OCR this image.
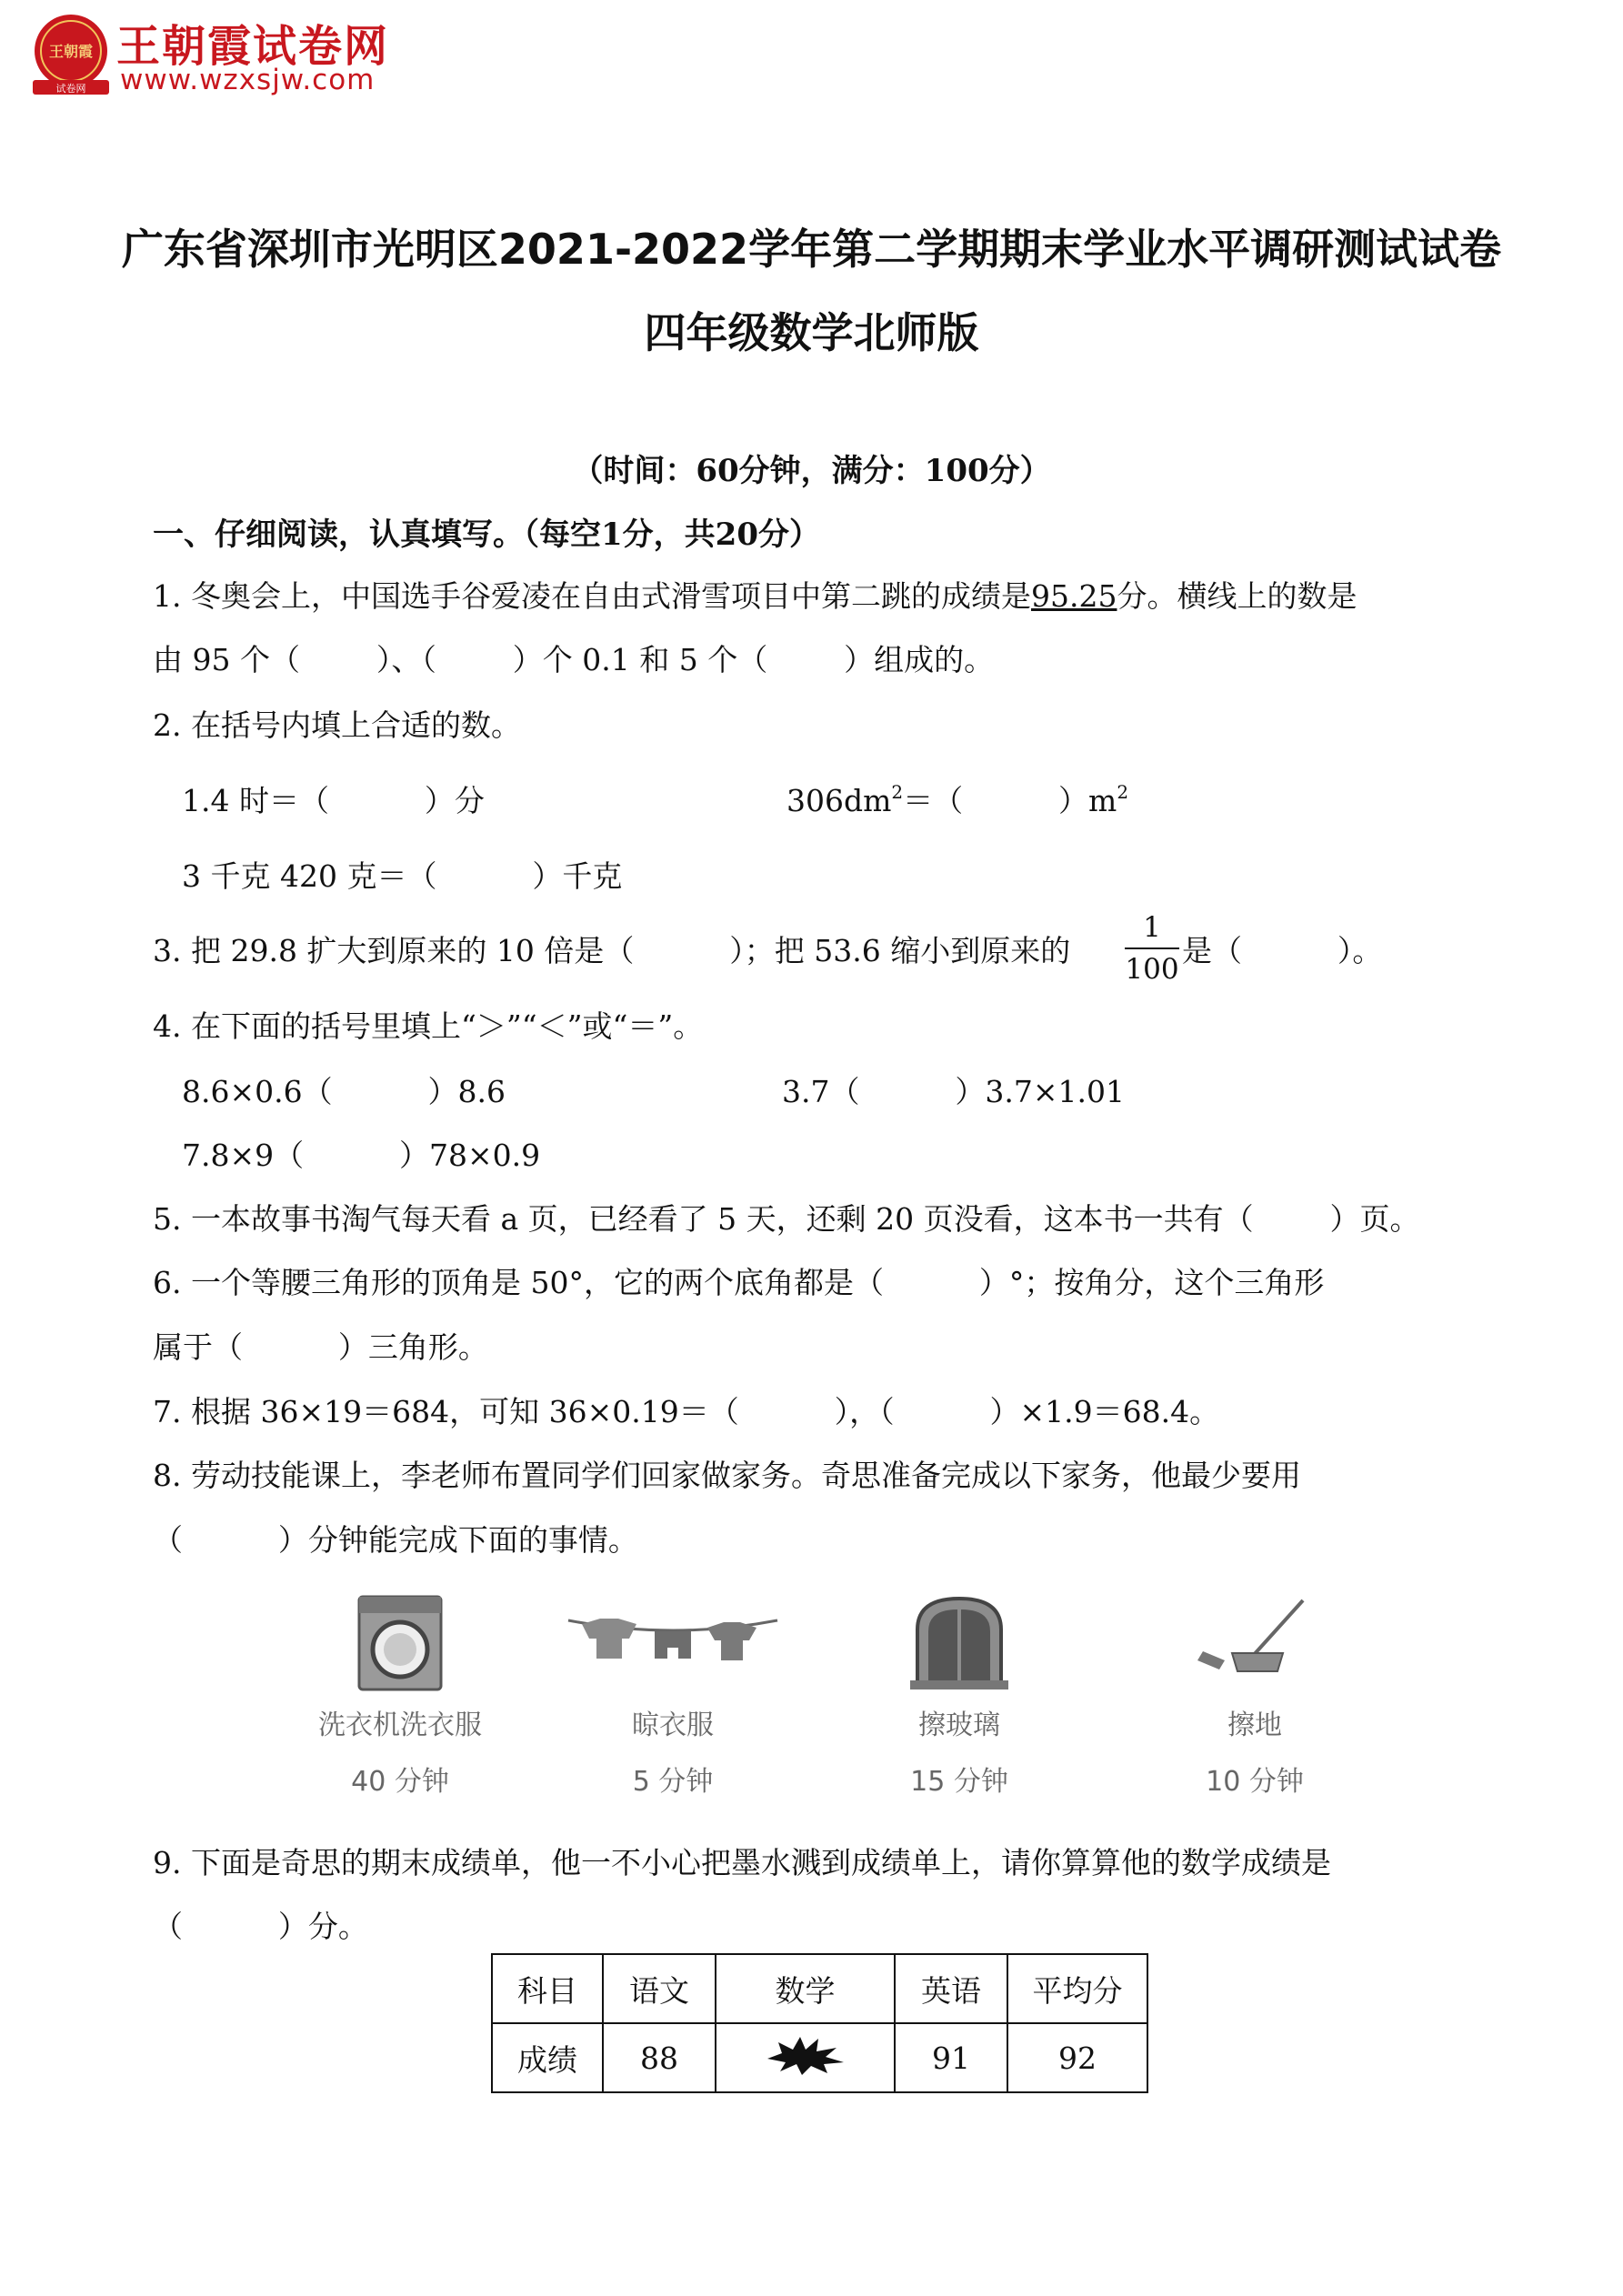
王朝霞
试卷网
王朝霞试卷网
www.wzxsjw.com
广东省深圳市光明区2021-2022学年第二学期期末学业水平调研测试试卷
四年级数学北师版
（时间：60分钟，满分：100分）
一、仔细阅读，认真填写。（每空1分，共20分）
1. 冬奥会上，中国选手谷爱凌在自由式滑雪项目中第二跳的成绩是95.25分。横线上的数是
由 95 个（        ）、（        ）个 0.1 和 5 个（        ）组成的。
2. 在括号内填上合适的数。
1.4 时＝（          ）分	$306dm^2=$（          ）$m^2$
3 千克 420 克＝（          ）千克
3. 把 29.8 扩大到原来的 10 倍是（          ）；把 53.6 缩小到原来的
1
100
是（          ）。
4. 在下面的括号里填上“＞”“＜”或“＝”。
8.6×0.6（          ）8.6	3.7（          ）3.7×1.01
7.8×9（          ）78×0.9
5. 一本故事书淘气每天看 a 页，已经看了 5 天，还剩 20 页没看，这本书一共有（        ）页。
6. 一个等腰三角形的顶角是 50°，它的两个底角都是（          ）°；按角分，这个三角形
属于（          ）三角形。
7. 根据 36×19＝684，可知 36×0.19＝（          ），（          ）×1.9＝68.4。
8. 劳动技能课上，李老师布置同学们回家做家务。奇思准备完成以下家务，他最少要用
（          ）分钟能完成下面的事情。
洗衣机洗衣服
40 分钟
晾衣服
5 分钟
擦玻璃
15 分钟
擦地
10 分钟
9. 下面是奇思的期末成绩单，他一不小心把墨水溅到成绩单上，请你算算他的数学成绩是
（          ）分。
科目	语文	数学	英语	平均分
成绩	88		91	92
